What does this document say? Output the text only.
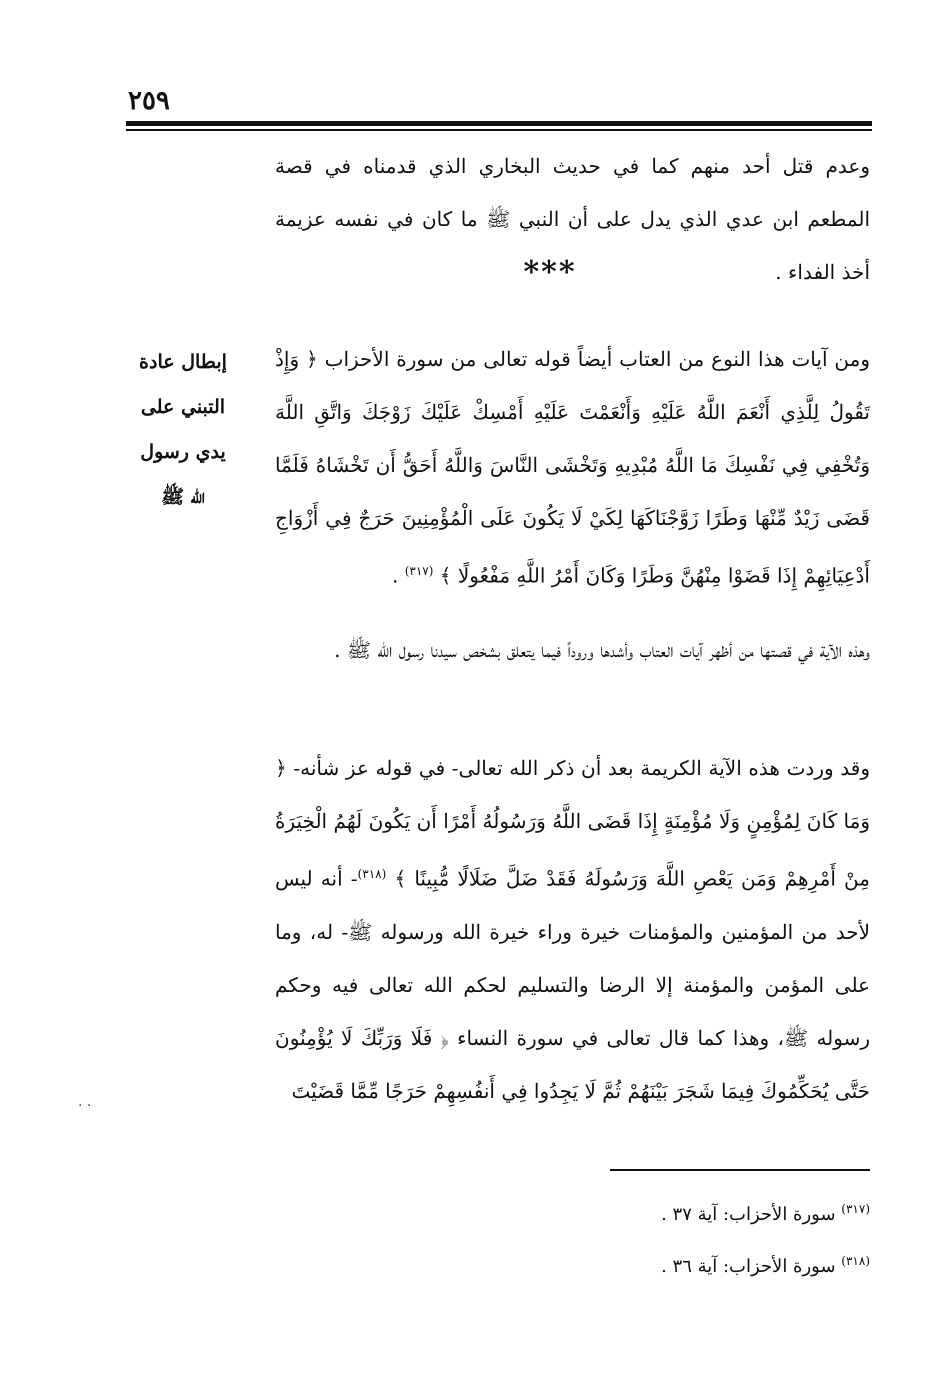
٢٥٩
وعدم قتل أحد منهم كما في حديث البخاري الذي قدمناه في قصة المطعم ابن عدي الذي يدل على أن النبي ﷺ ما كان في نفسه عزيمة أخذ الفداء .
***
إبطال عادة
التبني على
يدي رسول
الله ﷺ
ومن آيات هذا النوع من العتاب أيضاً قوله تعالى من سورة الأحزاب ﴿ وَإِذْ تَقُولُ لِلَّذِي أَنْعَمَ اللَّهُ عَلَيْهِ وَأَنْعَمْتَ عَلَيْهِ أَمْسِكْ عَلَيْكَ زَوْجَكَ وَاتَّقِ اللَّهَ وَتُخْفِي فِي نَفْسِكَ مَا اللَّهُ مُبْدِيهِ وَتَخْشَى النَّاسَ وَاللَّهُ أَحَقُّ أَن تَخْشَاهُ فَلَمَّا قَضَى زَيْدٌ مِّنْهَا وَطَرًا زَوَّجْنَاكَهَا لِكَيْ لَا يَكُونَ عَلَى الْمُؤْمِنِينَ حَرَجٌ فِي أَزْوَاجِ أَدْعِيَائِهِمْ إِذَا قَضَوْا مِنْهُنَّ وَطَرًا وَكَانَ أَمْرُ اللَّهِ مَفْعُولًا ﴾ $^{(٣١٧)}$ .
وهذه الآية في قصتها من أظهر آيات العتاب وأشدها وروداً فيما يتعلق بشخص سيدنا رسول الله ﷺ .
وقد وردت هذه الآية الكريمة بعد أن ذكر الله تعالى- في قوله عز شأنه- ﴿ وَمَا كَانَ لِمُؤْمِنٍ وَلَا مُؤْمِنَةٍ إِذَا قَضَى اللَّهُ وَرَسُولُهُ أَمْرًا أَن يَكُونَ لَهُمُ الْخِيَرَةُ مِنْ أَمْرِهِمْ وَمَن يَعْصِ اللَّهَ وَرَسُولَهُ فَقَدْ ضَلَّ ضَلَالًا مُّبِينًا ﴾ $^{(٣١٨)}$- أنه ليس لأحد من المؤمنين والمؤمنات خيرة وراء خيرة الله ورسوله ﷺ- له، وما على المؤمن والمؤمنة إلا الرضا والتسليم لحكم الله تعالى فيه وحكم رسوله ﷺ، وهذا كما قال تعالى في سورة النساء ﴿ فَلَا وَرَبِّكَ لَا يُؤْمِنُونَ حَتَّى يُحَكِّمُوكَ فِيمَا شَجَرَ بَيْنَهُمْ ثُمَّ لَا يَجِدُوا فِي أَنفُسِهِمْ حَرَجًا مِّمَّا قَضَيْتَ
· ·
$^{(٣١٧)}$ سورة الأحزاب: آية ٣٧ .
$^{(٣١٨)}$ سورة الأحزاب: آية ٣٦ .
